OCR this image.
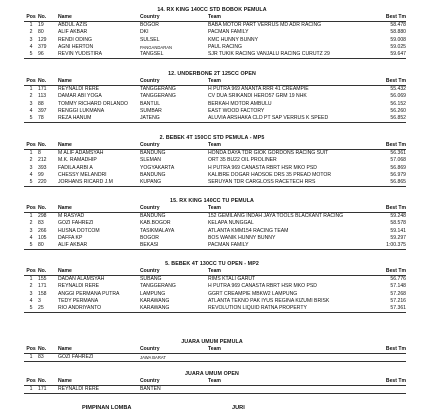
14. RX KING 140CC STD BOBOK PEMULA
Pos	No.	Name	Country	Team	Best Tm
1	19	ABDUL AZIS	BOGOR	BABA MOTOR PART VERRUS MD ADR RACING	58.478
2	80	ALIF AKBAR	DKI	PACMAN FAMILY	58.880
3	129	RENDI ODING	SULSEL	KMC HUNNY BUNNY	59.008
4	379	AGNI HERTON	PANGANDARAN	PAUL RACING	59.025
5	96	REVIN YUDISTIRA	TANGSEL	SJR TUKIK RACING VANJALU RACING CURUTZ 29	59.647
12. UNDERBONE 2T 125CC OPEN
Pos	No.	Name	Country	Team	Best Tm
1	171	REYNALDI RERE	TANGGERANG	H PUTRA 969 ANANTA RRR 41 CREAMPIE	55.432
2	113	DAMAR ABI YOGA	TANGGERANG	CV DUA SRIKANDI HERO57 GRM 19 NHK	56.069
3	88	TOMMY RICHARD ORLANDO	BANTUL	BERKAH MOTOR AMBULU	56.152
4	397	RENGGI LUKMANA	SUMBAR	EAST WOOD FACTORY	56.260
5	78	REZA HANUM	JATENG	ALUVIA ARSHAKA CLD PT SAP VERRUS K SPEED	56.852
2. BEBEK 4T 150CC STD PEMULA - MP5
Pos	No.	Name	Country	Team	Best Tm
1	8	M ALIF ADAMSYAH	BANDUNG	HONDA DAYA TDR GIOK GORDONS RACING SUIT	56.361
2	212	M.K. RAMADHIP	SLEMAN	ORT 35 BU22 OIL PROLINER	57.068
3	393	FADILA ARBI A	YOGYAKARTA	H PUTRA 969 CANASTA RBRT HSR MKO PSD	56.869
4	99	CHESSY MELANDRI	BANDUNG	KALIBRE DOGAR HADSOE DRS 35 PREAD MOTOR	56.979
5	220	JORHANS RICARD J.M	KUPANG	SERUYAN TDR CARGLOSS RACETECH RRS	56.865
15. RX KING 140CC TU PEMULA
Pos	No.	Name	Country	Team	Best Tm
1	298	M RASYAD	BANDUNG	152 GEMILANG INDAH JAYA TOOLS BLACKANT RACING	59.248
2	83	GOZI FAHREZI	KAB.BOGOR	KELAPA NUNGGAL	58.578
3	266	HUSNA DOTCOM	TASIKMALAYA	ATLANTA KMM154 RACING TEAM	59.141
4	105	DAFFA KP	BOGOR	BOS WANIK HUNNY BUNNY	59.297
5	80	ALIF AKBAR	BEKASI	PACMAN FAMILY	1:00.375
5. BEBEK 4T 130CC TU OPEN - MP2
Pos	No.	Name	Country	Team	Best Tm
1	155	DADAN ALAMSYAH	SUBANG	RIMS KTALI GARUT	56.776
2	171	REYNALDI RERE	TANGGERANG	H PUTRA 969 CANASTA RBRT HSR MKO PSD	57.148
3	158	ANGGI PERMANA PUTRA	LAMPUNG	GGRT CREAMPIE MBKW2 LAMPUNG	57.268
4	3	TEDY PERMANA	KARAWANG	ATLANTA TEKNO PAK IYUS REGINA KIZUMI BRISK	57.216
5	25	RIO ANDRIYANTO	KARAWANG	REVOLUTION LIQUID RATNA PROPERTY	57.361
JUARA UMUM PEMULA
Pos	No.	Name	Country	Team	Best Tm
1	83	GOZI FAHREZI	JAWA BARAT		
JUARA UMUM OPEN
Pos	No.	Name	Country	Team	Best Tm
1	171	REYNALDI RERE	BANTEN		
PIMPINAN LOMBA	JURI
